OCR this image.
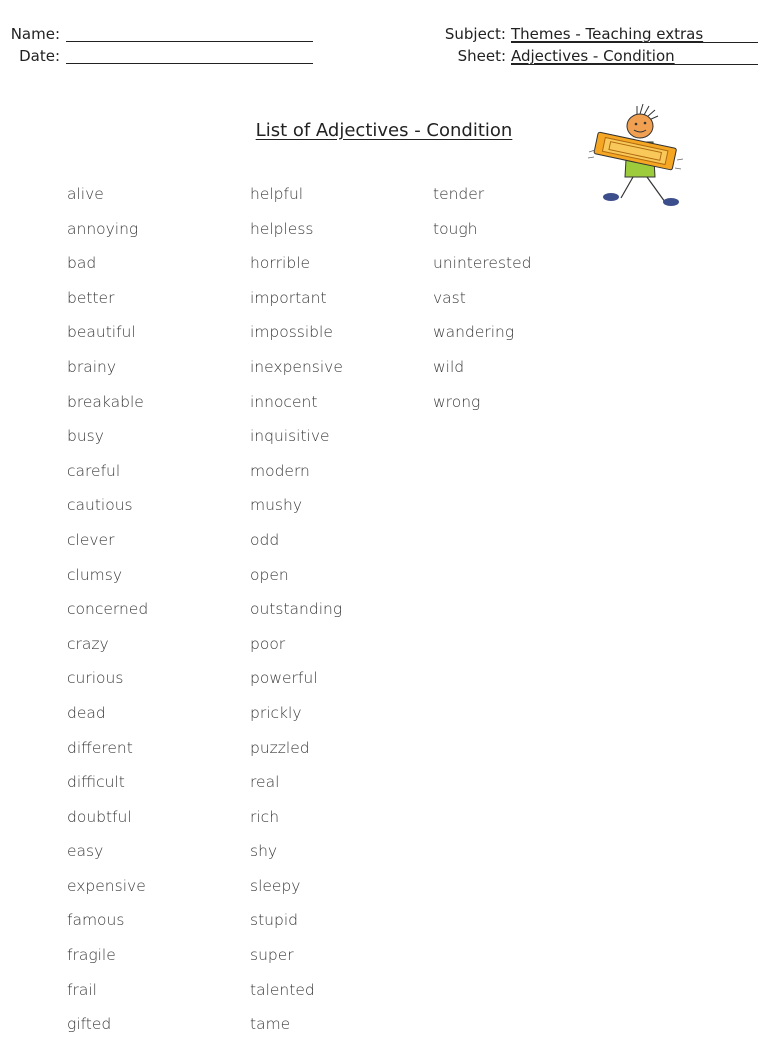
Name:
Date:
Subject: Themes - Teaching extras
Sheet: Adjectives - Condition
List of Adjectives - Condition
alive
annoying
bad
better
beautiful
brainy
breakable
busy
careful
cautious
clever
clumsy
concerned
crazy
curious
dead
different
difficult
doubtful
easy
expensive
famous
fragile
frail
gifted
helpful
helpless
horrible
important
impossible
inexpensive
innocent
inquisitive
modern
mushy
odd
open
outstanding
poor
powerful
prickly
puzzled
real
rich
shy
sleepy
stupid
super
talented
tame
tender
tough
uninterested
vast
wandering
wild
wrong
